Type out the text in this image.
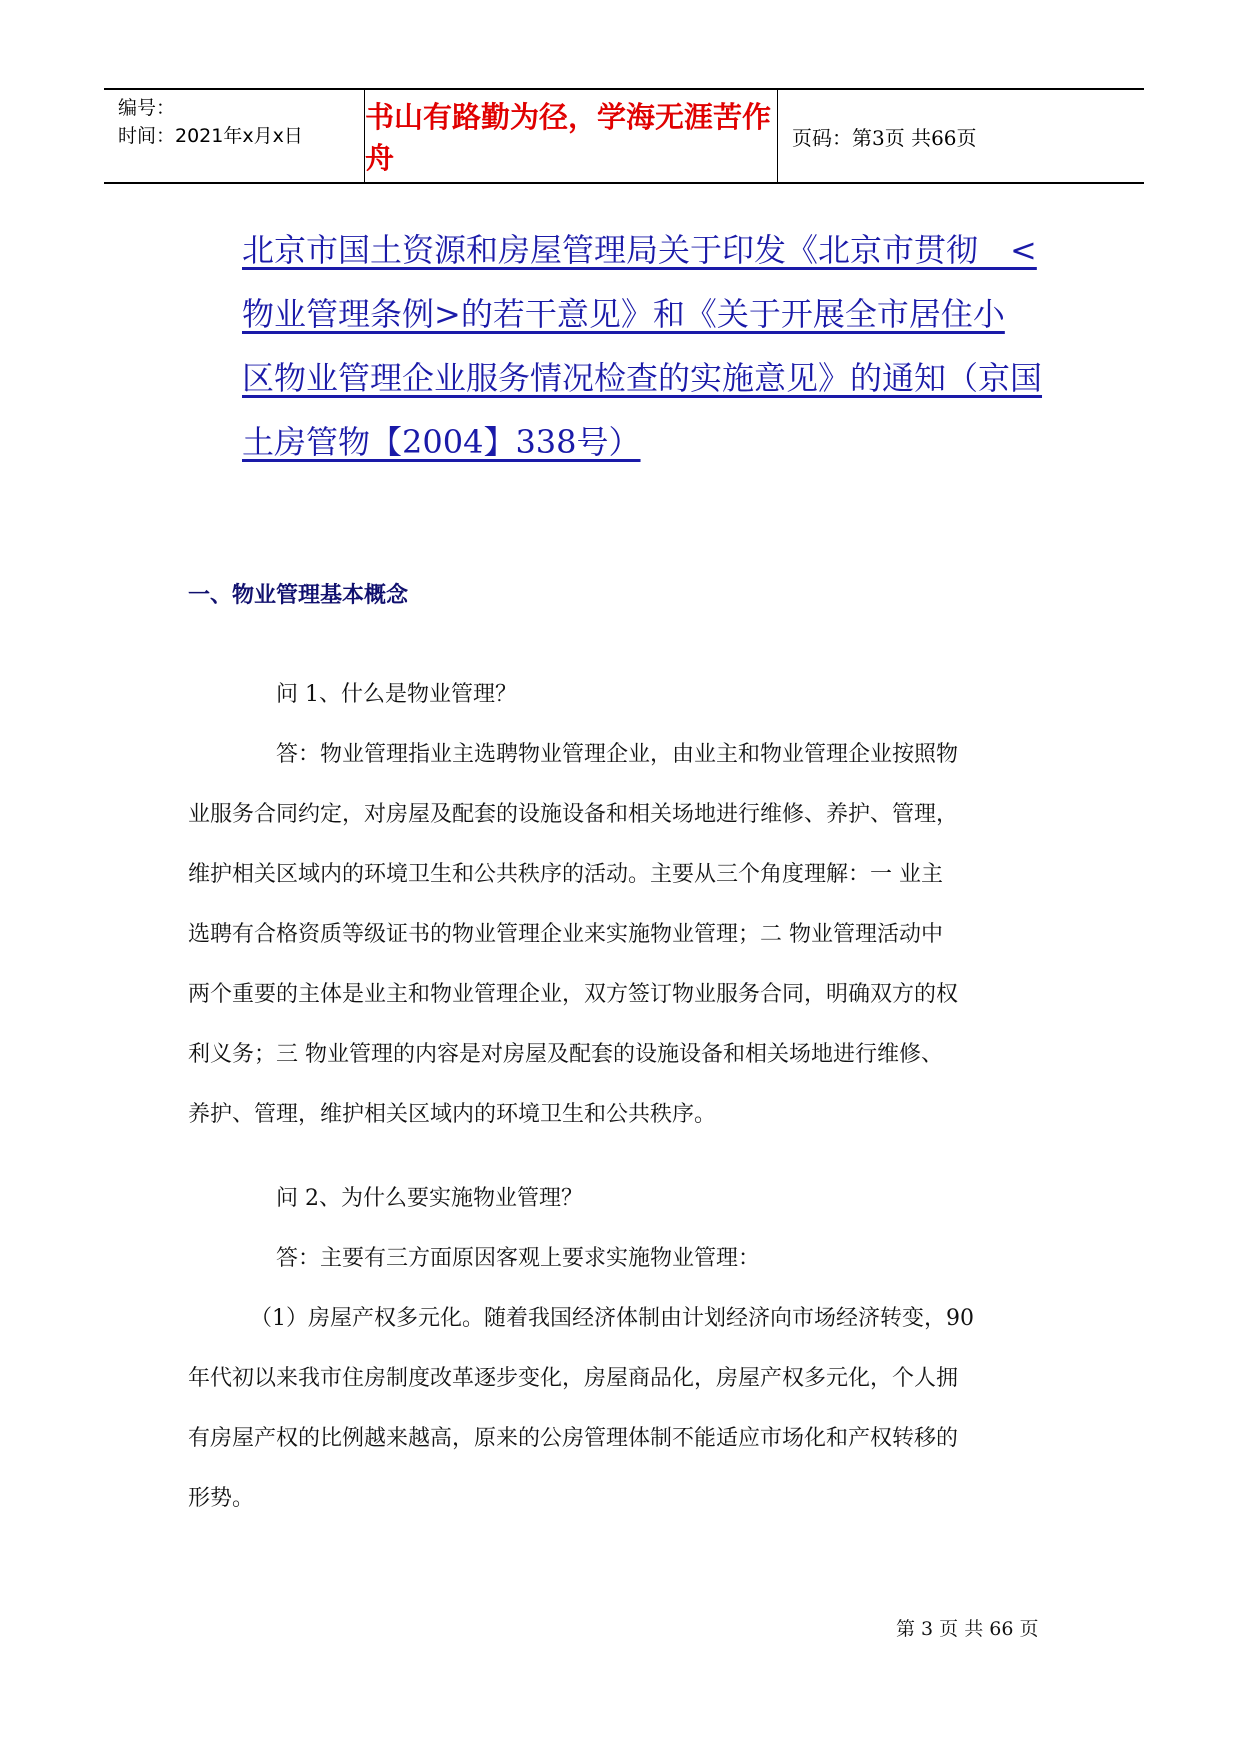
编号：
时间：2021年x月x日
书山有路勤为径，学海无涯苦作舟
页码：第3页 共66页
北京市国土资源和房屋管理局关于印发《北京市贯彻　<
物业管理条例>的若干意见》和《关于开展全市居住小
区物业管理企业服务情况检查的实施意见》的通知（京国
土房管物【2004】338号）
一、物业管理基本概念
问 1、什么是物业管理？
答：物业管理指业主选聘物业管理企业，由业主和物业管理企业按照物
业服务合同约定，对房屋及配套的设施设备和相关场地进行维修、养护、管理，
维护相关区域内的环境卫生和公共秩序的活动。主要从三个角度理解：一 业主
选聘有合格资质等级证书的物业管理企业来实施物业管理；二 物业管理活动中
两个重要的主体是业主和物业管理企业，双方签订物业服务合同，明确双方的权
利义务；三 物业管理的内容是对房屋及配套的设施设备和相关场地进行维修、
养护、管理，维护相关区域内的环境卫生和公共秩序。
问 2、为什么要实施物业管理？
答：主要有三方面原因客观上要求实施物业管理：
（1）房屋产权多元化。随着我国经济体制由计划经济向市场经济转变，90
年代初以来我市住房制度改革逐步变化，房屋商品化，房屋产权多元化，个人拥
有房屋产权的比例越来越高，原来的公房管理体制不能适应市场化和产权转移的
形势。
第 3 页 共 66 页
